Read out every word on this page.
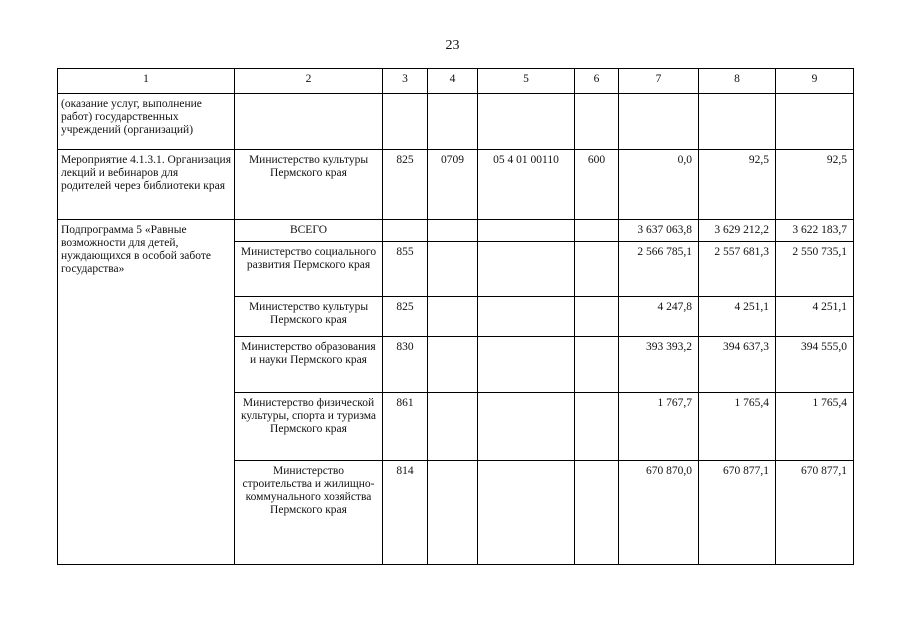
23
1	2	3	4	5	6	7	8	9
(оказание услуг, выполнение работ) государственных учреждений (организаций)								
Мероприятие 4.1.3.1. Организация лекций и вебинаров для родителей через библиотеки края	Министерство культуры Пермского края	825	0709	05 4 01 00110	600	0,0	92,5	92,5
Подпрограмма 5 «Равные возможности для детей, нуждающихся в особой заботе государства»	ВСЕГО					3 637 063,8	3 629 212,2	3 622 183,7
	Министерство социального развития Пермского края	855				2 566 785,1	2 557 681,3	2 550 735,1
	Министерство культуры Пермского края	825				4 247,8	4 251,1	4 251,1
	Министерство образования и науки Пермского края	830				393 393,2	394 637,3	394 555,0
	Министерство физической культуры, спорта и туризма Пермского края	861				1 767,7	1 765,4	1 765,4
	Министерство строительства и жилищно-коммунального хозяйства Пермского края	814				670 870,0	670 877,1	670 877,1
